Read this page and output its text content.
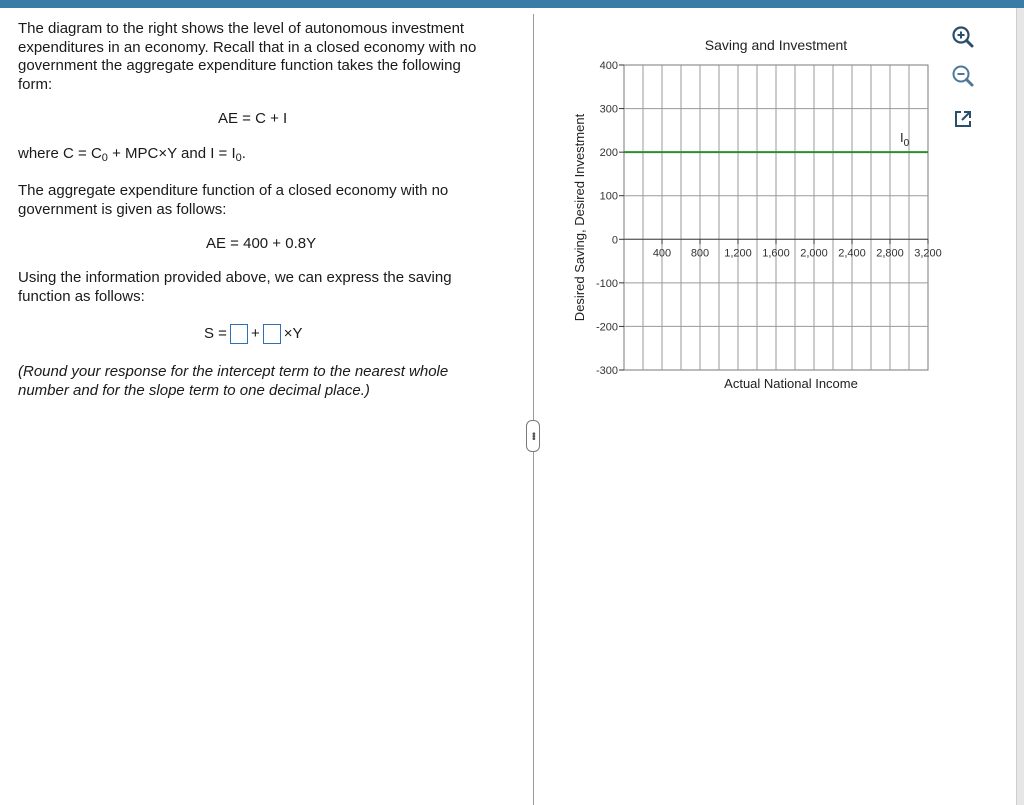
The diagram to the right shows the level of autonomous investment expenditures in an economy. Recall that in a closed economy with no government the aggregate expenditure function takes the following form:

AE = C + I
where $C = C_0 + MPC\times Y$ and $I = I_0$.

The aggregate expenditure function of a closed economy with no government is given as follows:

AE = 400 + 0.8Y

Using the information provided above, we can express the saving function as follows:

S = + ×Y

(Round your response for the intercept term to the nearest whole number and for the slope term to one decimal place.)

•••
400
300
200
100
0
-100
-200
-300
400 800 1,200 1,600 2,000 2,400 2,800 3,200
$I_0$
Saving and Investment
Actual National Income
Desired Saving, Desired Investment
